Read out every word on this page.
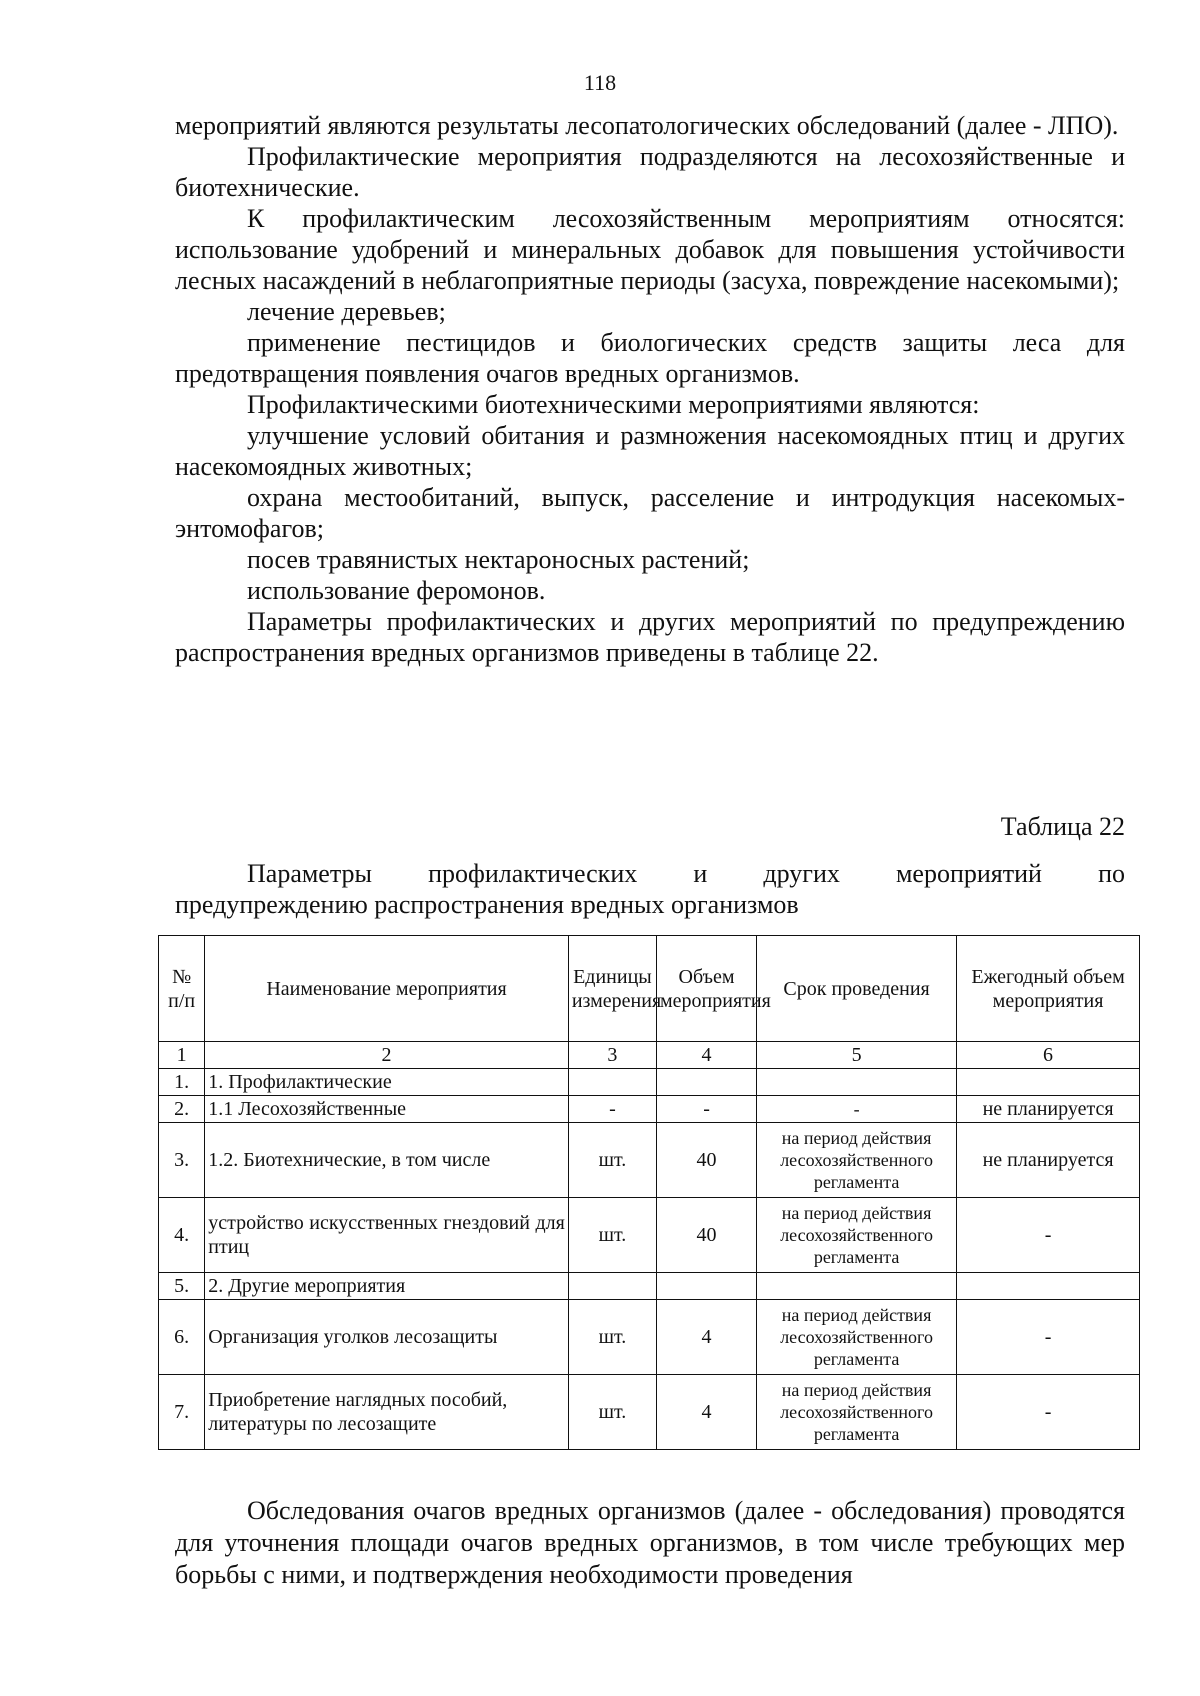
118

мероприятий являются результаты лесопатологических обследований (далее - ЛПО).

Профилактические мероприятия подразделяются на лесохозяйственные и биотехнические.

К профилактическим лесохозяйственным мероприятиям относятся: использование удобрений и минеральных добавок для повышения устойчивости лесных насаждений в неблагоприятные периоды (засуха, повреждение насекомыми);

лечение деревьев;

применение пестицидов и биологических средств защиты леса для предотвращения появления очагов вредных организмов.

Профилактическими биотехническими мероприятиями являются:

улучшение условий обитания и размножения насекомоядных птиц и других насекомоядных животных;

охрана местообитаний, выпуск, расселение и интродукция насекомых-энтомофагов;

посев травянистых нектароносных растений;

использование феромонов.

Параметры профилактических и других мероприятий по предупреждению распространения вредных организмов приведены в таблице 22.

Таблица 22

Параметры профилактических и других мероприятий по

предупреждению распространения вредных организмов

№ п/п	Наименование мероприятия	Единицы измерения	Объем мероприятия	Срок проведения	Ежегодный объем мероприятия
1	2	3	4	5	6
1.	1. Профилактические				
2.	1.1 Лесохозяйственные	-	-	-	не планируется
3.	1.2. Биотехнические, в том числе	шт.	40	на период действия лесохозяйственного регламента	не планируется
4.	устройство искусственных гнездовий для птиц	шт.	40	на период действия лесохозяйственного регламента	-
5.	2. Другие мероприятия				
6.	Организация уголков лесозащиты	шт.	4	на период действия лесохозяйственного регламента	-
7.	Приобретение наглядных пособий, литературы по лесозащите	шт.	4	на период действия лесохозяйственного регламента	-

Обследования очагов вредных организмов (далее - обследования) проводятся для уточнения площади очагов вредных организмов, в том числе требующих мер борьбы с ними, и подтверждения необходимости проведения
